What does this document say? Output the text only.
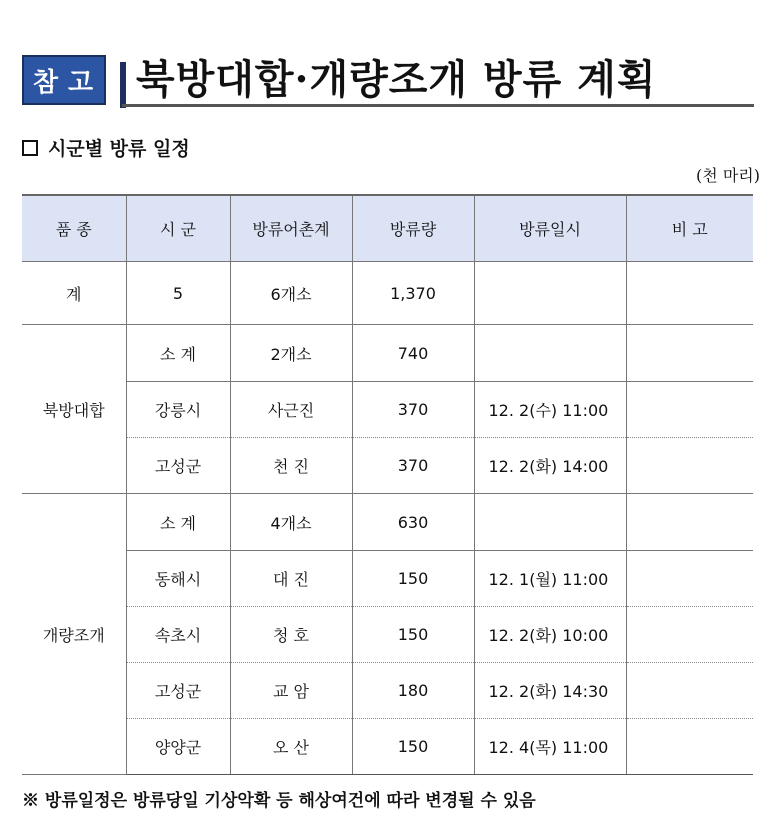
참고 북방대합·개량조개 방류 계획
시군별 방류 일정
(천 마리)
품 종	시 군	방류어촌계	방류량	방류일시	비 고
계	5	6개소	1,370		
북방대합	소 계	2개소	740		
	강릉시	사근진	370	12. 2(수) 11:00	
	고성군	천 진	370	12. 2(화) 14:00	
개량조개	소 계	4개소	630		
	동해시	대 진	150	12. 1(월) 11:00	
	속초시	청 호	150	12. 2(화) 10:00	
	고성군	교 암	180	12. 2(화) 14:30	
	양양군	오 산	150	12. 4(목) 11:00	
※ 방류일정은 방류당일 기상악확 등 해상여건에 따라 변경될 수 있음
